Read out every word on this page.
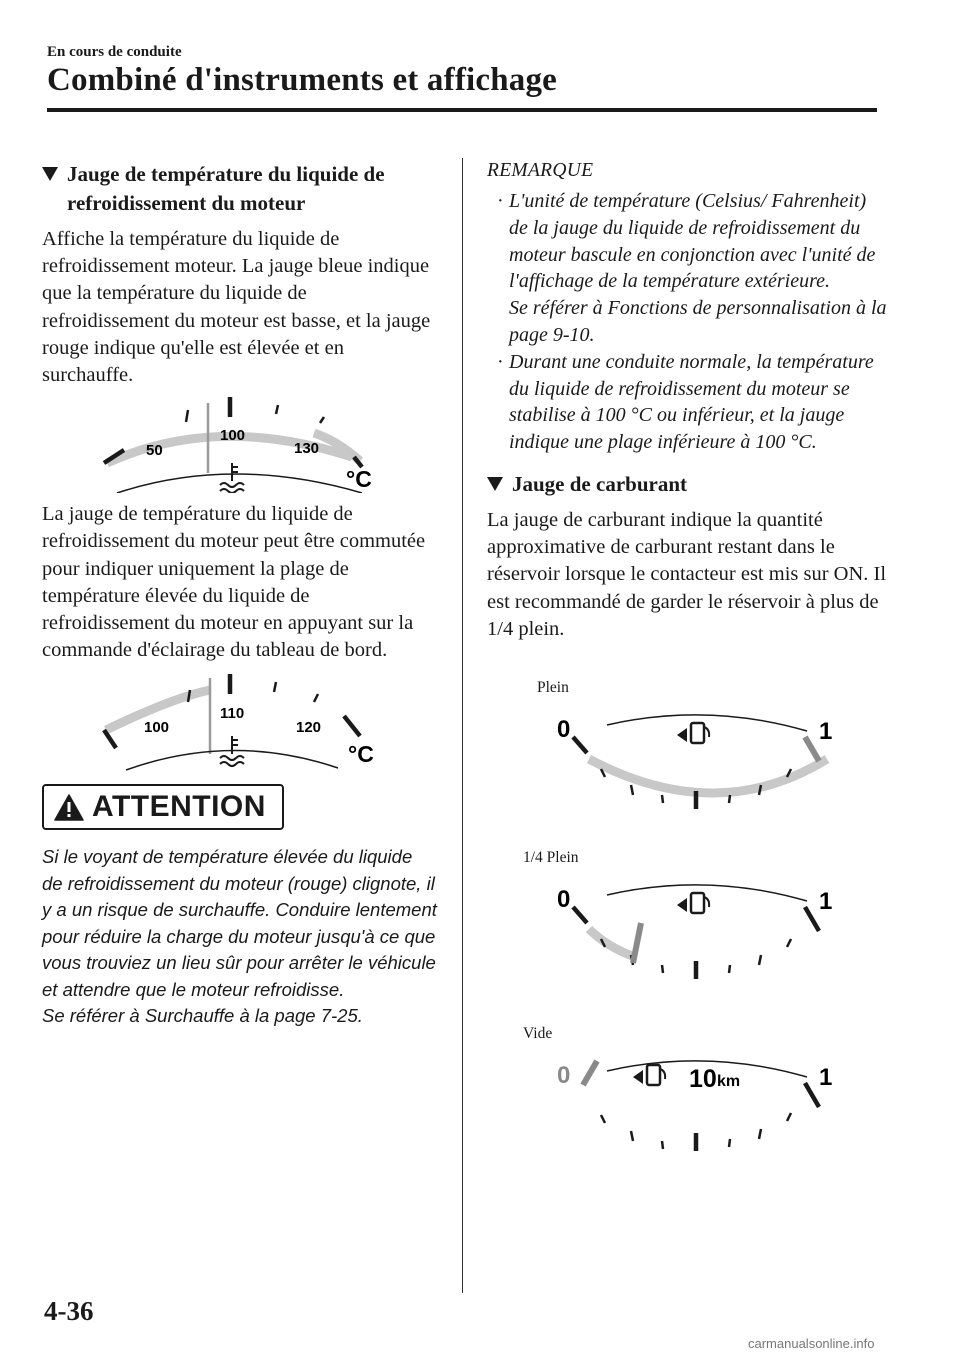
En cours de conduite
Combiné d'instruments et affichage
Jauge de température du liquide de refroidissement du moteur

Affiche la température du liquide de refroidissement moteur. La jauge bleue indique que la température du liquide de refroidissement du moteur est basse, et la jauge rouge indique qu'elle est élevée et en surchauffe.

50
100
130
°C

La jauge de température du liquide de refroidissement du moteur peut être commutée pour indiquer uniquement la plage de température élevée du liquide de refroidissement du moteur en appuyant sur la commande d'éclairage du tableau de bord.

100
110
120
°C
ATTENTION

Si le voyant de température élevée du liquide de refroidissement du moteur (rouge) clignote, il y a un risque de surchauffe. Conduire lentement pour réduire la charge du moteur jusqu'à ce que vous trouviez un lieu sûr pour arrêter le véhicule et attendre que le moteur refroidisse.
Se référer à Surchauffe à la page 7-25.

REMARQUE
· L'unité de température (Celsius/ Fahrenheit) de la jauge du liquide de refroidissement du moteur bascule en conjonction avec l'unité de l'affichage de la température extérieure.
Se référer à Fonctions de personnalisation à la page 9-10.
· Durant une conduite normale, la température du liquide de refroidissement du moteur se stabilise à 100 °C ou inférieur, et la jauge indique une plage inférieure à 100 °C.
Jauge de carburant

La jauge de carburant indique la quantité approximative de carburant restant dans le réservoir lorsque le contacteur est mis sur ON. Il est recommandé de garder le réservoir à plus de 1/4 plein.

Plein

0	1

1/4 Plein

0	1

Vide

0	1
10 km
4-36
carmanualsonline.info
